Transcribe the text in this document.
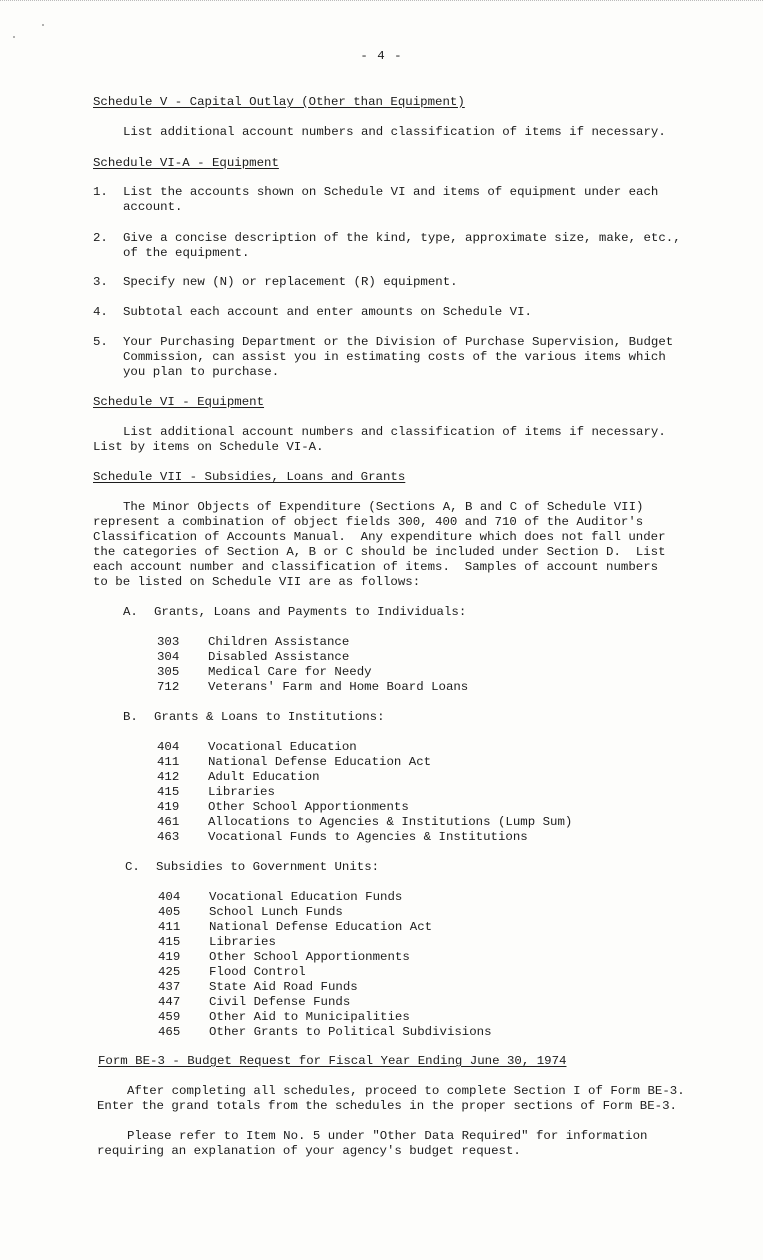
- 4 -
Schedule V - Capital Outlay (Other than Equipment)
List additional account numbers and classification of items if necessary.
Schedule VI-A - Equipment
1. List the accounts shown on Schedule VI and items of equipment under each
account.
2. Give a concise description of the kind, type, approximate size, make, etc.,
of the equipment.
3. Specify new (N) or replacement (R) equipment.
4. Subtotal each account and enter amounts on Schedule VI.
5. Your Purchasing Department or the Division of Purchase Supervision, Budget
Commission, can assist you in estimating costs of the various items which
you plan to purchase.
Schedule VI - Equipment
List additional account numbers and classification of items if necessary.
List by items on Schedule VI-A.
Schedule VII - Subsidies, Loans and Grants
The Minor Objects of Expenditure (Sections A, B and C of Schedule VII)
represent a combination of object fields 300, 400 and 710 of the Auditor's
Classification of Accounts Manual.  Any expenditure which does not fall under
the categories of Section A, B or C should be included under Section D.  List
each account number and classification of items.  Samples of account numbers
to be listed on Schedule VII are as follows:
A. Grants, Loans and Payments to Individuals:
303 Children Assistance
304 Disabled Assistance
305 Medical Care for Needy
712 Veterans' Farm and Home Board Loans
B. Grants & Loans to Institutions:
404 Vocational Education
411 National Defense Education Act
412 Adult Education
415 Libraries
419 Other School Apportionments
461 Allocations to Agencies & Institutions (Lump Sum)
463 Vocational Funds to Agencies & Institutions
C. Subsidies to Government Units:
404 Vocational Education Funds
405 School Lunch Funds
411 National Defense Education Act
415 Libraries
419 Other School Apportionments
425 Flood Control
437 State Aid Road Funds
447 Civil Defense Funds
459 Other Aid to Municipalities
465 Other Grants to Political Subdivisions
Form BE-3 - Budget Request for Fiscal Year Ending June 30, 1974
After completing all schedules, proceed to complete Section I of Form BE-3.
Enter the grand totals from the schedules in the proper sections of Form BE-3.
Please refer to Item No. 5 under "Other Data Required" for information
requiring an explanation of your agency's budget request.
